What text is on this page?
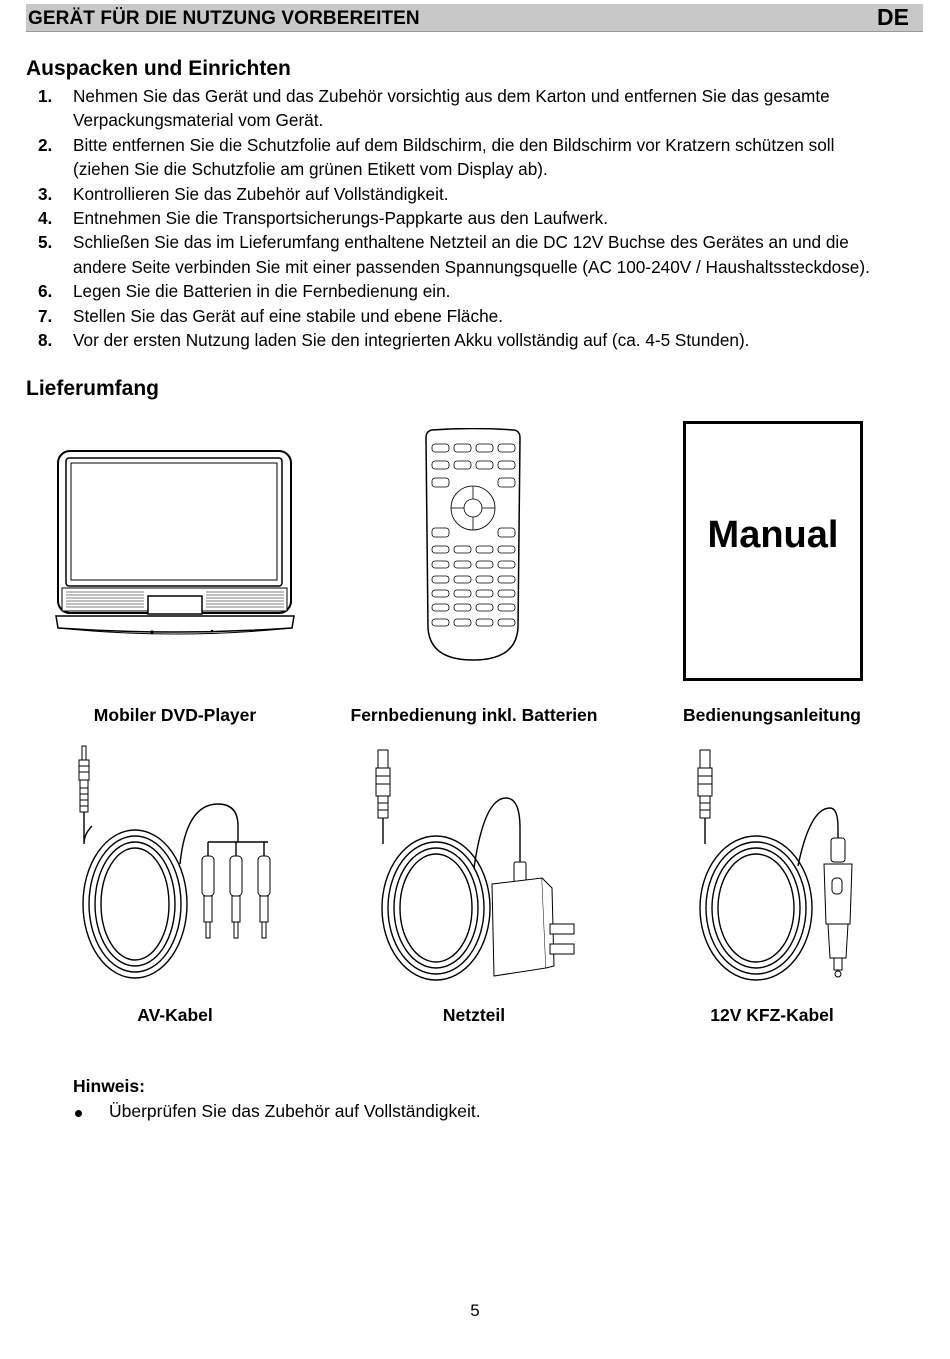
GERÄT FÜR DIE NUTZUNG VORBEREITEN	DE
Auspacken und Einrichten
1. Nehmen Sie das Gerät und das Zubehör vorsichtig aus dem Karton und entfernen Sie das gesamte
Verpackungsmaterial vom Gerät.
2. Bitte entfernen Sie die Schutzfolie auf dem Bildschirm, die den Bildschirm vor Kratzern schützen soll
(ziehen Sie die Schutzfolie am grünen Etikett vom Display ab).
3. Kontrollieren Sie das Zubehör auf Vollständigkeit.
4. Entnehmen Sie die Transportsicherungs-Pappkarte aus den Laufwerk.
5. Schließen Sie das im Lieferumfang enthaltene Netzteil an die DC 12V Buchse des Gerätes an und die
andere Seite verbinden Sie mit einer passenden Spannungsquelle (AC 100-240V / Haushaltssteckdose).
6. Legen Sie die Batterien in die Fernbedienung ein.
7. Stellen Sie das Gerät auf eine stabile und ebene Fläche.
8. Vor der ersten Nutzung laden Sie den integrierten Akku vollständig auf (ca. 4-5 Stunden).
Lieferumfang
Manual
Mobiler DVD-Player	Fernbedienung inkl. Batterien	Bedienungsanleitung
AV-Kabel	Netzteil	12V KFZ-Kabel
Hinweis:
Überprüfen Sie das Zubehör auf Vollständigkeit.
5
